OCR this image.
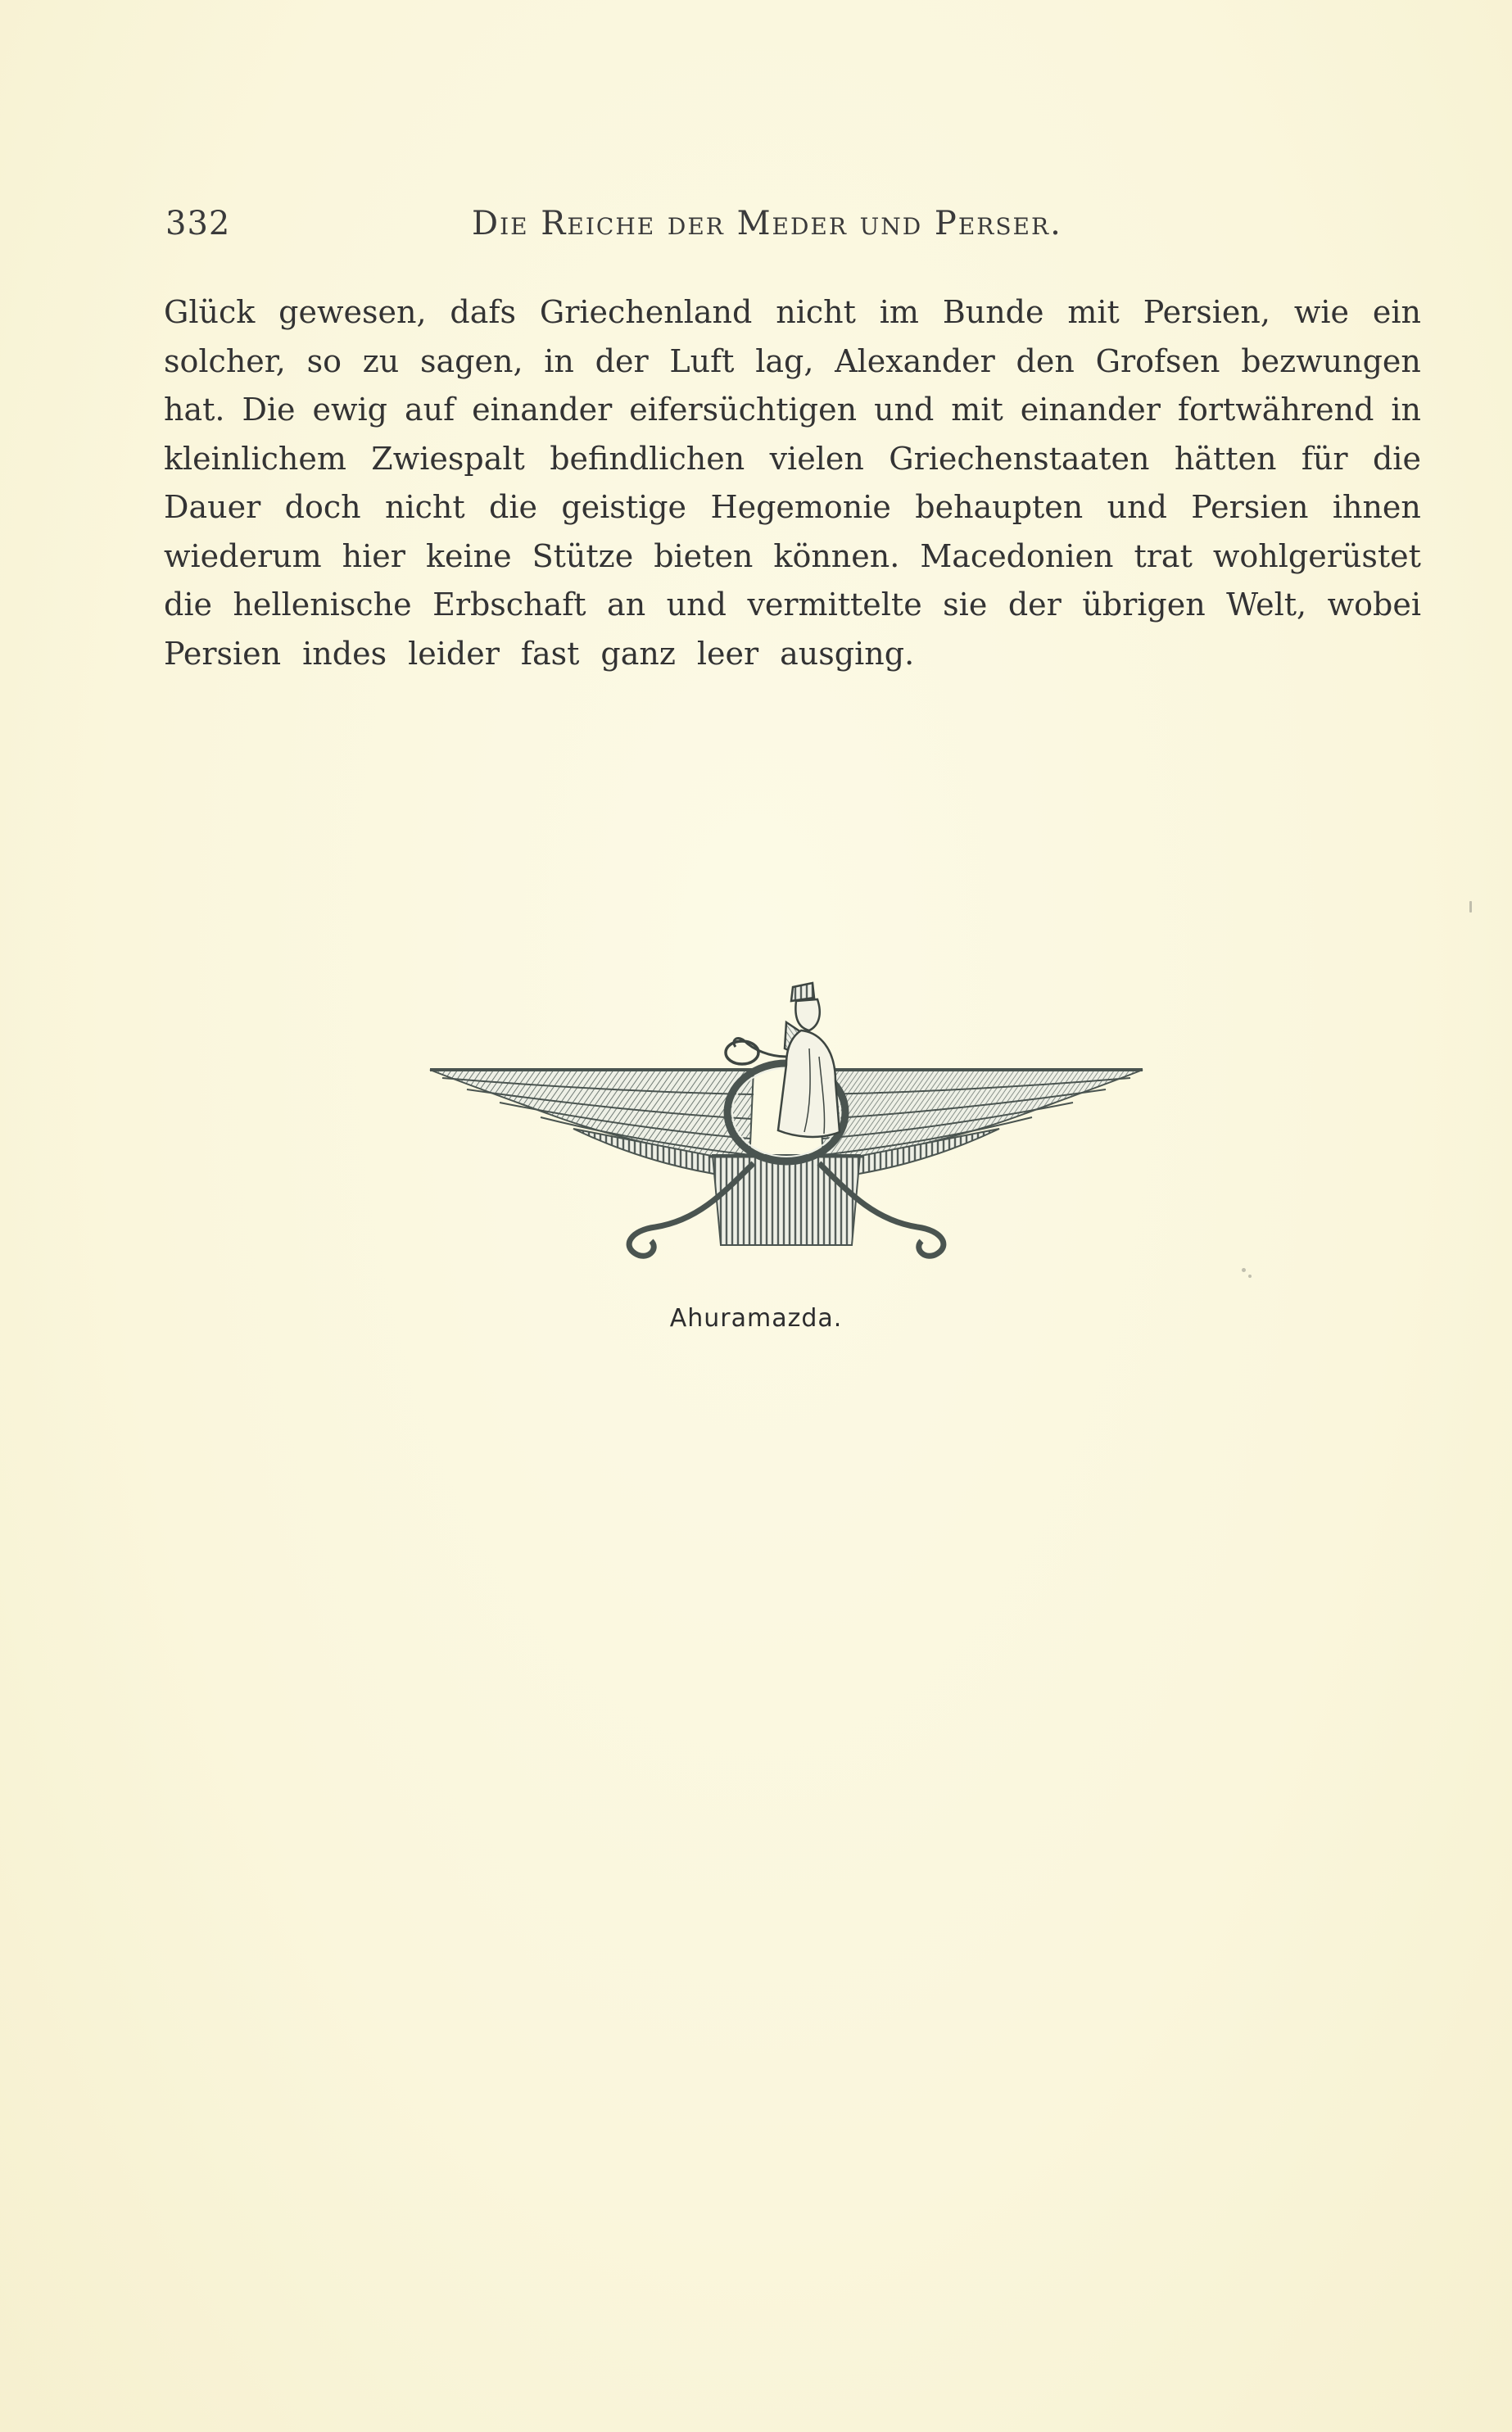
332	Die Reiche der Meder und Perser.
Glück gewesen, dafs Griechenland nicht im Bunde mit Persien, wie ein
solcher, so zu sagen, in der Luft lag, Alexander den Grofsen bezwungen
hat. Die ewig auf einander eifersüchtigen und mit einander fortwährend in
kleinlichem Zwiespalt befindlichen vielen Griechenstaaten hätten für die
Dauer doch nicht die geistige Hegemonie behaupten und Persien ihnen
wiederum hier keine Stütze bieten können. Macedonien trat wohlgerüstet
die hellenische Erbschaft an und vermittelte sie der übrigen Welt, wobei
Persien indes leider fast ganz leer ausging.
Ahuramazda.
